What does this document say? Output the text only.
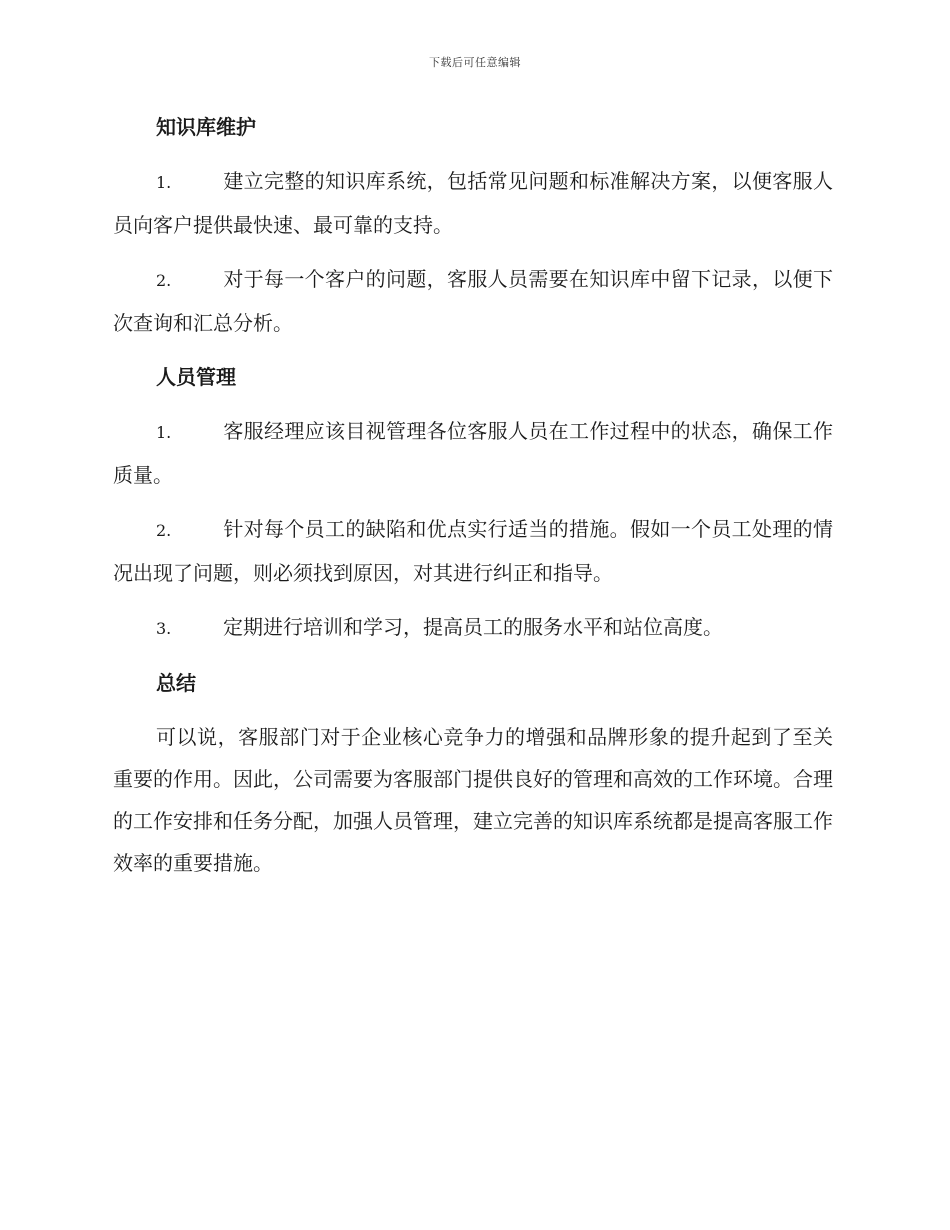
下载后可任意编辑
知识库维护

1.	建立完整的知识库系统，包括常见问题和标准解决方案，以便客服人员向客户提供最快速、最可靠的支持。

2.	对于每一个客户的问题，客服人员需要在知识库中留下记录，以便下次查询和汇总分析。

人员管理

1.	客服经理应该目视管理各位客服人员在工作过程中的状态，确保工作质量。

2.	针对每个员工的缺陷和优点实行适当的措施。假如一个员工处理的情况出现了问题，则必须找到原因，对其进行纠正和指导。

3.	定期进行培训和学习，提高员工的服务水平和站位高度。

总结

可以说，客服部门对于企业核心竞争力的增强和品牌形象的提升起到了至关重要的作用。因此，公司需要为客服部门提供良好的管理和高效的工作环境。合理的工作安排和任务分配，加强人员管理，建立完善的知识库系统都是提高客服工作效率的重要措施。
